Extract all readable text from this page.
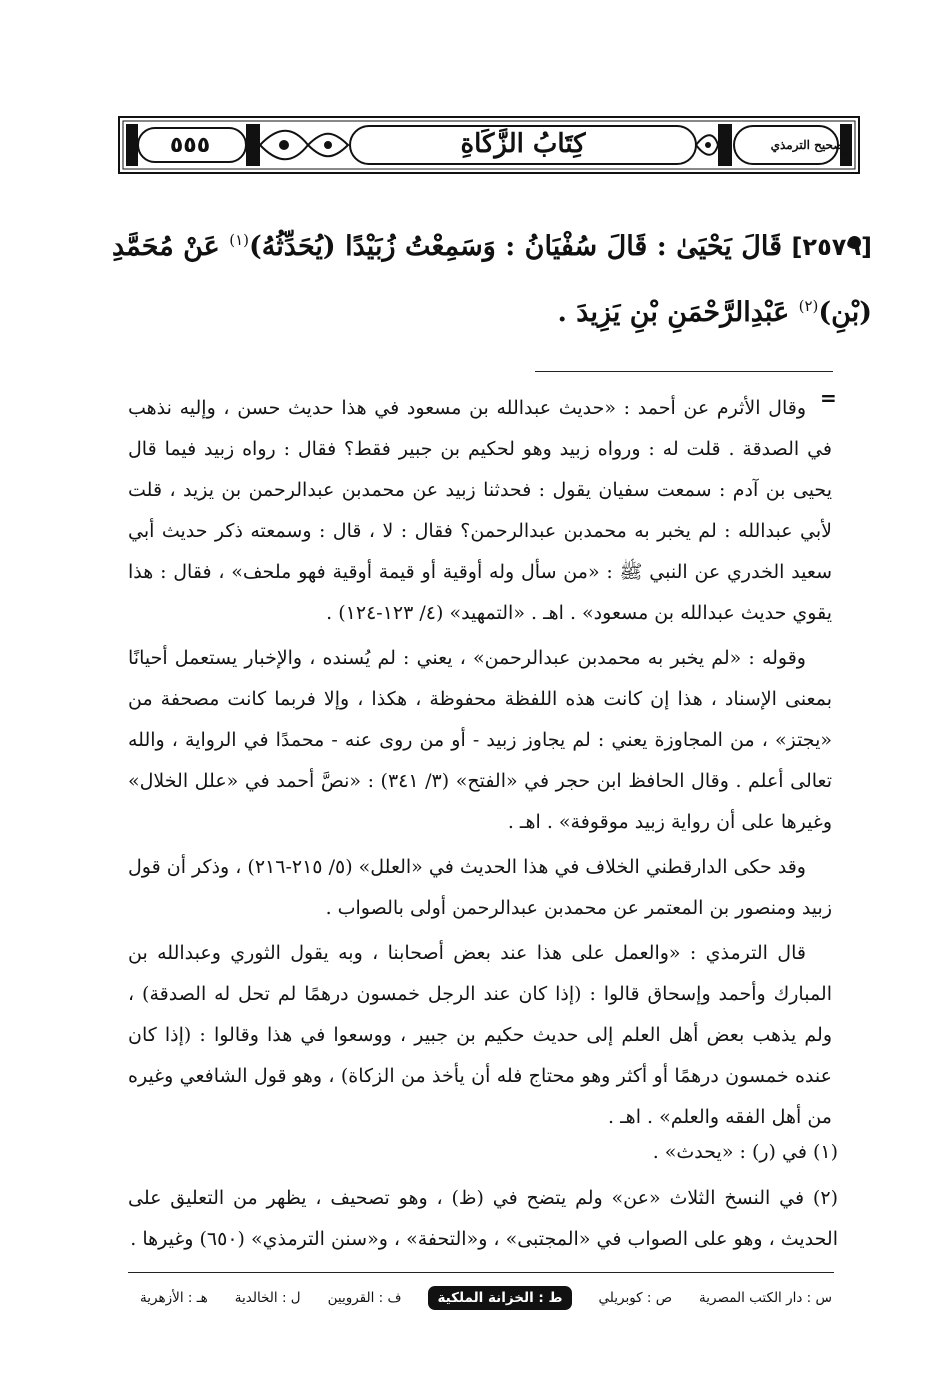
٥٥٥	كِتَابُ الزَّكَاةِ	صحيح الترمذي
[٢٥٧٩] قَالَ يَحْيَىٰ : قَالَ سُفْيَانُ : وَسَمِعْتُ زُبَيْدًا (يُحَدِّثُهُ)$^{(١)}$ عَنْ مُحَمَّدِ (بْنِ)$^{(٢)}$ عَبْدِالرَّحْمَنِ بْنِ يَزِيدَ .
=

وقال الأثرم عن أحمد : «حديث عبدالله بن مسعود في هذا حديث حسن ، وإليه نذهب في الصدقة . قلت له : ورواه زبيد وهو لحكيم بن جبير فقط؟ فقال : رواه زبيد فيما قال يحيى بن آدم : سمعت سفيان يقول : فحدثنا زبيد عن محمدبن عبدالرحمن بن يزيد ، قلت لأبي عبدالله : لم يخبر به محمدبن عبدالرحمن؟ فقال : لا ، قال : وسمعته ذكر حديث أبي سعيد الخدري عن النبي ﷺ : «من سأل وله أوقية أو قيمة أوقية فهو ملحف» ، فقال : هذا يقوي حديث عبدالله بن مسعود» . اهـ . «التمهيد» (٤/ ١٢٣-١٢٤) .

وقوله : «لم يخبر به محمدبن عبدالرحمن» ، يعني : لم يُسنده ، والإخبار يستعمل أحيانًا بمعنى الإسناد ، هذا إن كانت هذه اللفظة محفوظة ، هكذا ، وإلا فربما كانت مصحفة من «يجتز» ، من المجاوزة يعني : لم يجاوز زبيد - أو من روى عنه - محمدًا في الرواية ، والله تعالى أعلم . وقال الحافظ ابن حجر في «الفتح» (٣/ ٣٤١) : «نصَّ أحمد في «علل الخلال» وغيرها على أن رواية زبيد موقوفة» . اهـ .

وقد حكى الدارقطني الخلاف في هذا الحديث في «العلل» (٥/ ٢١٥-٢١٦) ، وذكر أن قول زبيد ومنصور بن المعتمر عن محمدبن عبدالرحمن أولى بالصواب .

قال الترمذي : «والعمل على هذا عند بعض أصحابنا ، وبه يقول الثوري وعبدالله بن المبارك وأحمد وإسحاق قالوا : (إذا كان عند الرجل خمسون درهمًا لم تحل له الصدقة) ، ولم يذهب بعض أهل العلم إلى حديث حكيم بن جبير ، ووسعوا في هذا وقالوا : (إذا كان عنده خمسون درهمًا أو أكثر وهو محتاج فله أن يأخذ من الزكاة) ، وهو قول الشافعي وغيره من أهل الفقه والعلم» . اهـ .

(١) في (ر) : «يحدث» .
(٢) في النسخ الثلاث «عن» ولم يتضح في (ظ) ، وهو تصحيف ، يظهر من التعليق على الحديث ، وهو على الصواب في «المجتبى» ، و«التحفة» ، و«سنن الترمذي» (٦٥٠) وغيرها .
س : دار الكتب المصرية
ص : كوبريلي
ط : الخزانة الملكية
ف : القرويين
ل : الخالدية
هـ : الأزهرية
